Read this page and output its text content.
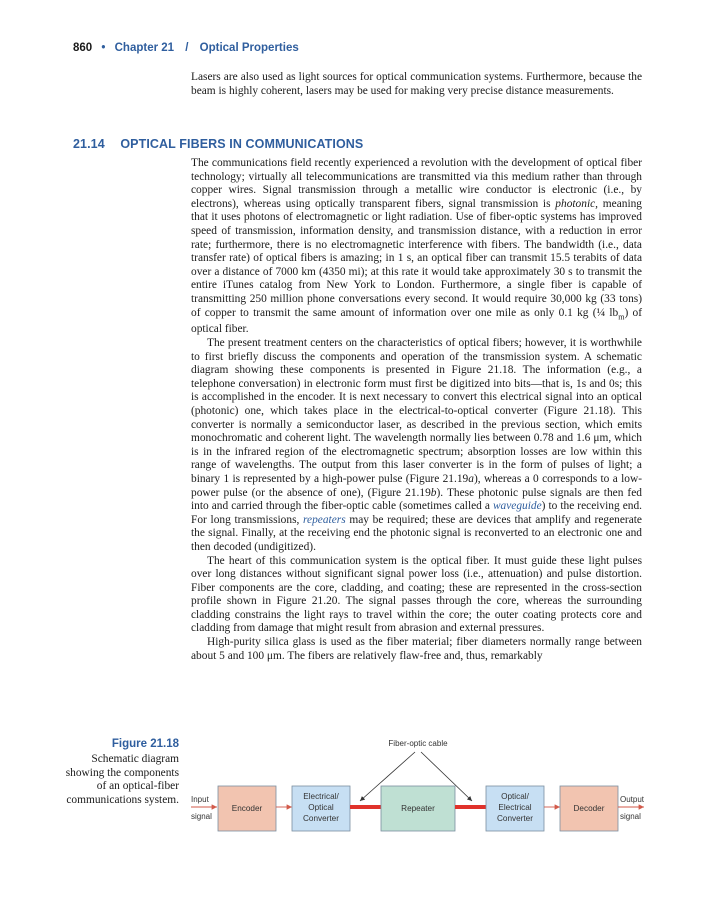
860 • Chapter 21 / Optical Properties

Lasers are also used as light sources for optical communication systems. Furthermore, because the beam is highly coherent, lasers may be used for making very precise distance measurements.

21.14 OPTICAL FIBERS IN COMMUNICATIONS

The communications field recently experienced a revolution with the development of optical fiber technology; virtually all telecommunications are transmitted via this medium rather than through copper wires. Signal transmission through a metallic wire conductor is electronic (i.e., by electrons), whereas using optically transparent fibers, signal transmission is photonic, meaning that it uses photons of electromagnetic or light radiation. Use of fiber-optic systems has improved speed of transmission, information density, and transmission distance, with a reduction in error rate; furthermore, there is no electromagnetic interference with fibers. The bandwidth (i.e., data transfer rate) of optical fibers is amazing; in 1 s, an optical fiber can transmit 15.5 terabits of data over a distance of 7000 km (4350 mi); at this rate it would take approximately 30 s to transmit the entire iTunes catalog from New York to London. Furthermore, a single fiber is capable of transmitting 250 million phone conversations every second. It would require 30,000 kg (33 tons) of copper to transmit the same amount of information over one mile as only 0.1 kg (¼ $lb_m$) of optical fiber.

The present treatment centers on the characteristics of optical fibers; however, it is worthwhile to first briefly discuss the components and operation of the transmission system. A schematic diagram showing these components is presented in Figure 21.18. The information (e.g., a telephone conversation) in electronic form must first be digitized into bits—that is, 1s and 0s; this is accomplished in the encoder. It is next necessary to convert this electrical signal into an optical (photonic) one, which takes place in the electrical-to-optical converter (Figure 21.18). This converter is normally a semiconductor laser, as described in the previous section, which emits monochromatic and coherent light. The wavelength normally lies between 0.78 and 1.6 μm, which is in the infrared region of the electromagnetic spectrum; absorption losses are low within this range of wavelengths. The output from this laser converter is in the form of pulses of light; a binary 1 is represented by a high-power pulse (Figure 21.19a), whereas a 0 corresponds to a low-power pulse (or the absence of one), (Figure 21.19b). These photonic pulse signals are then fed into and carried through the fiber-optic cable (sometimes called a waveguide) to the receiving end. For long transmissions, repeaters may be required; these are devices that amplify and regenerate the signal. Finally, at the receiving end the photonic signal is reconverted to an electronic one and then decoded (undigitized).

The heart of this communication system is the optical fiber. It must guide these light pulses over long distances without significant signal power loss (i.e., attenuation) and pulse distortion. Fiber components are the core, cladding, and coating; these are represented in the cross-section profile shown in Figure 21.20. The signal passes through the core, whereas the surrounding cladding constrains the light rays to travel within the core; the outer coating protects core and cladding from damage that might result from abrasion and external pressures.

High-purity silica glass is used as the fiber material; fiber diameters normally range between about 5 and 100 μm. The fibers are relatively flaw-free and, thus, remarkably

Figure 21.18
Schematic diagram showing the components of an optical-fiber communications system.
Fiber-optic cable
Input
signal
Encoder
Electrical/
Optical
Converter
Repeater
Optical/
Electrical
Converter
Decoder
Output
signal
